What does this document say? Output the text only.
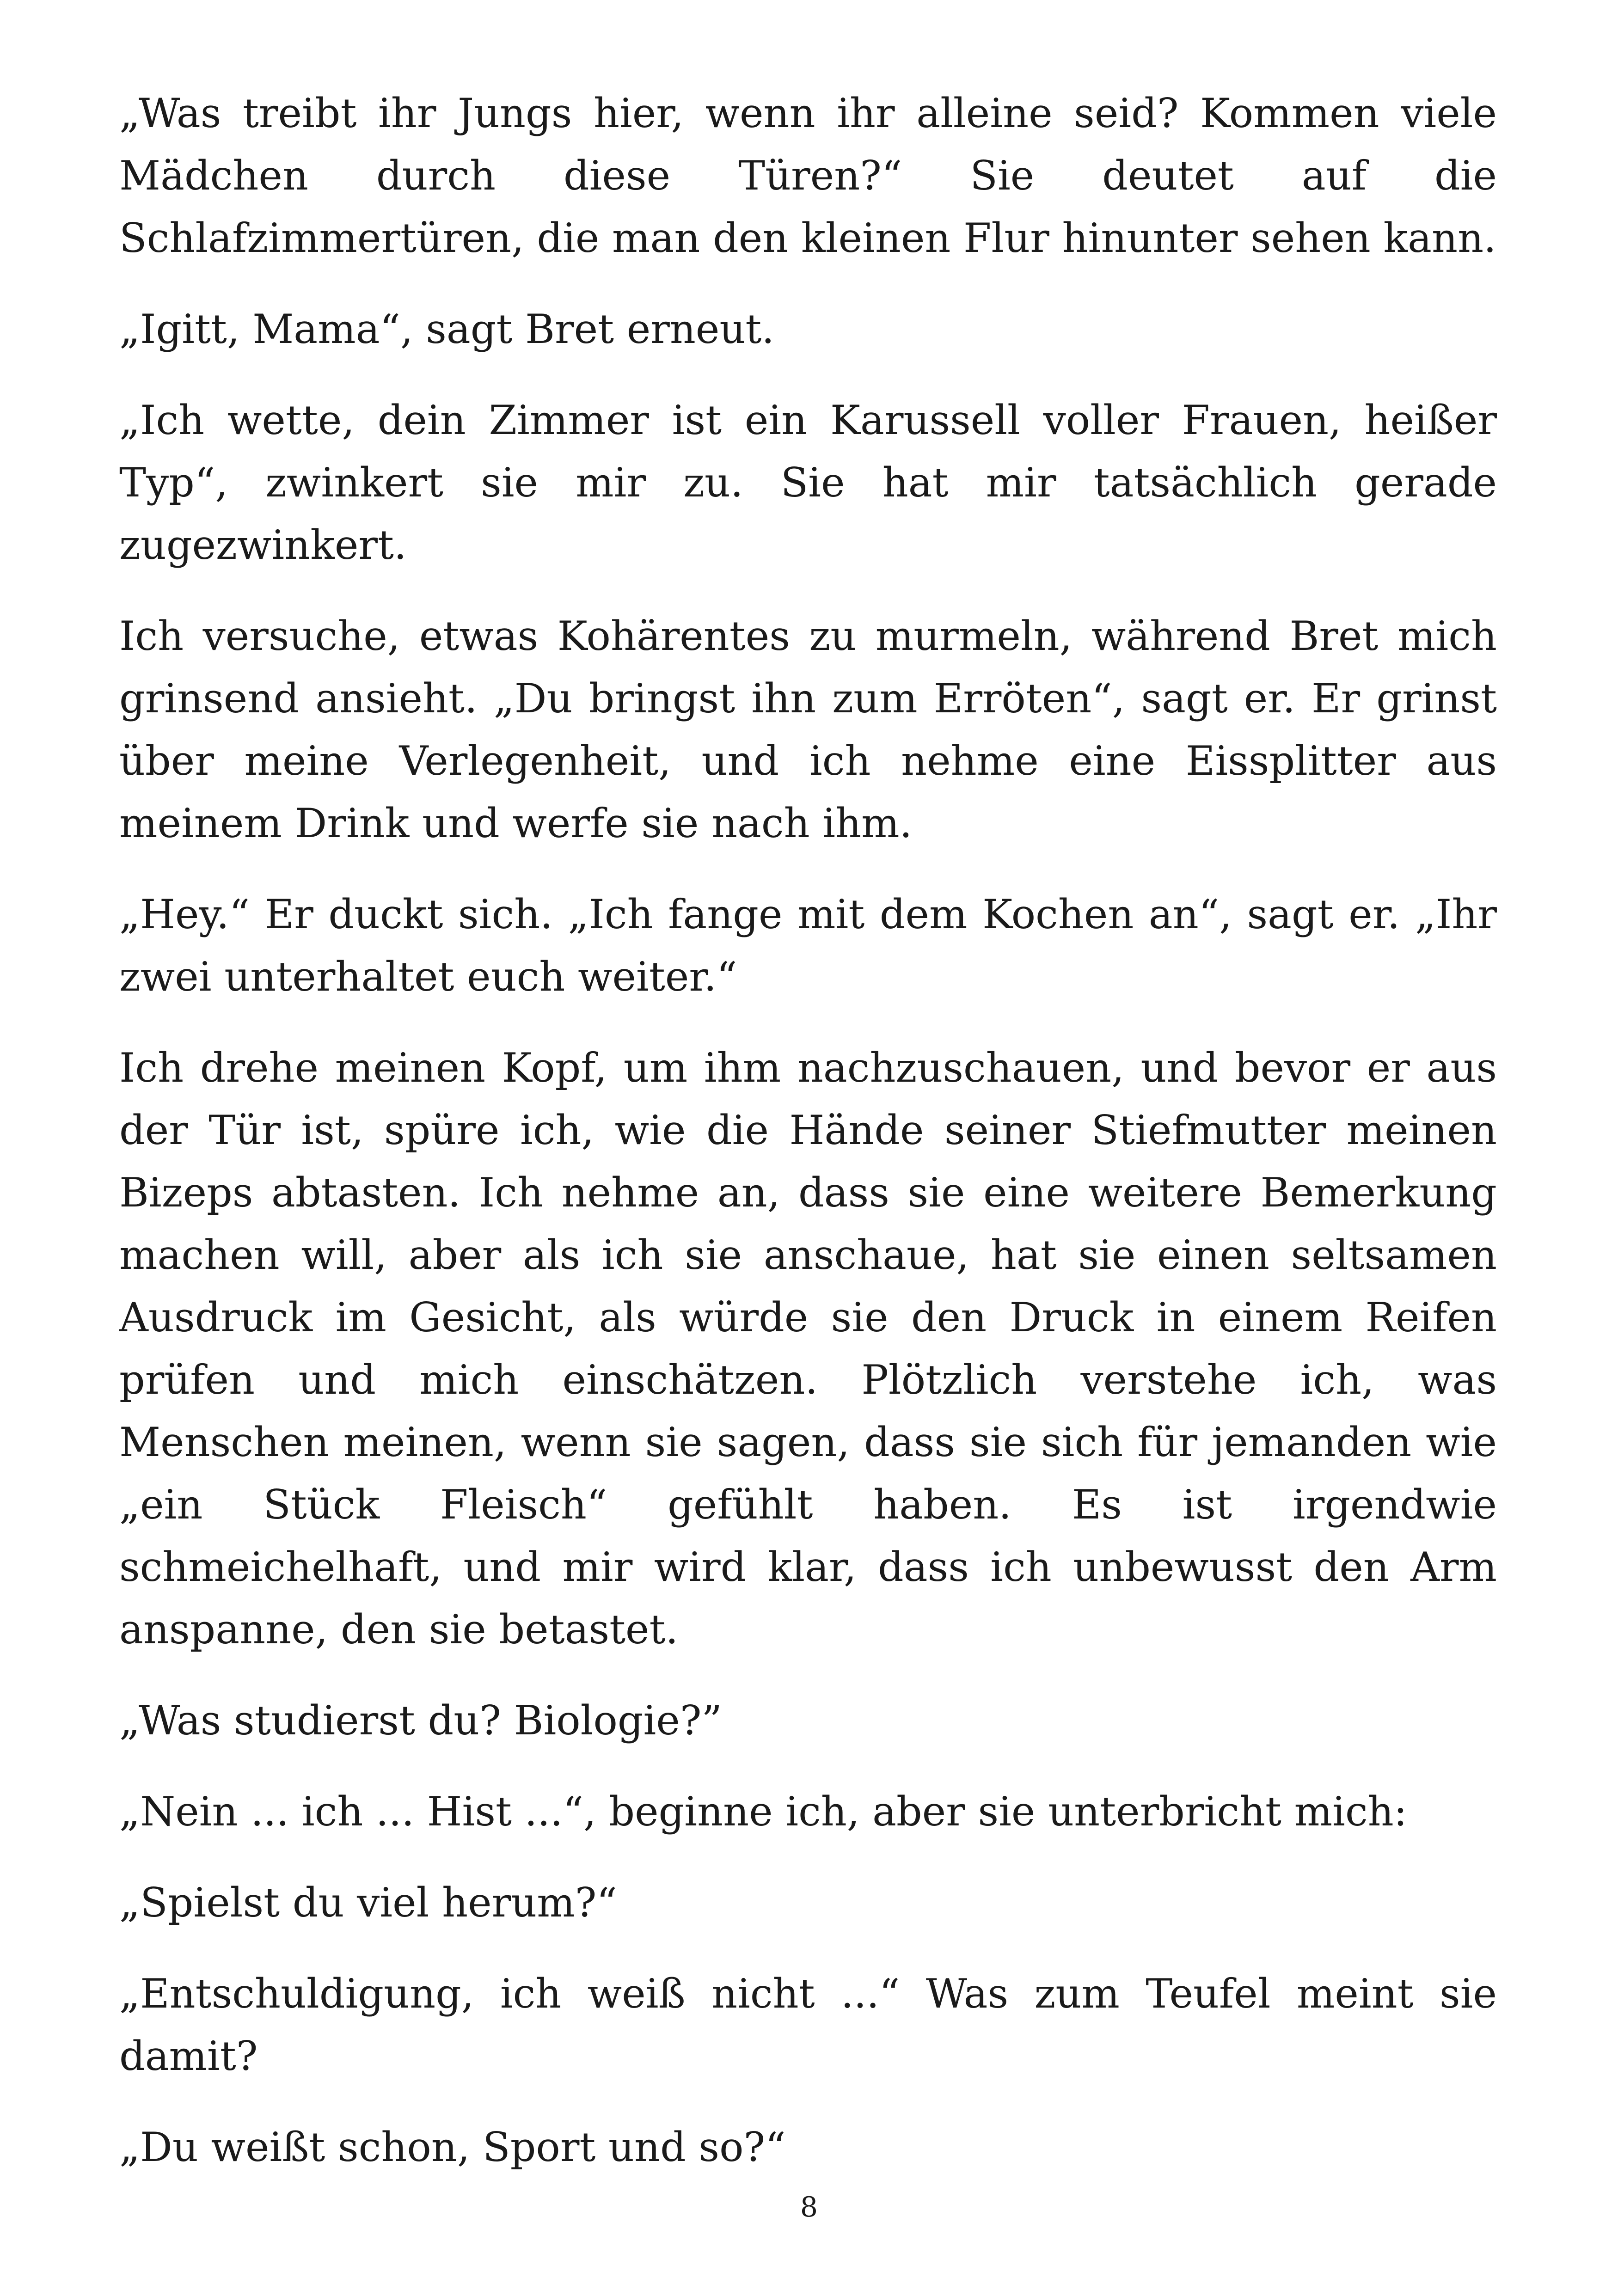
„Was treibt ihr Jungs hier, wenn ihr alleine seid? Kommen viele Mädchen durch diese Türen?“ Sie deutet auf die Schlafzimmertüren, die man den kleinen Flur hinunter sehen kann.

„Igitt, Mama“, sagt Bret erneut.

„Ich wette, dein Zimmer ist ein Karussell voller Frauen, heißer Typ“, zwinkert sie mir zu. Sie hat mir tatsächlich gerade zugezwinkert.

Ich versuche, etwas Kohärentes zu murmeln, während Bret mich grinsend ansieht. „Du bringst ihn zum Erröten“, sagt er. Er grinst über meine Verlegenheit, und ich nehme eine Eissplitter aus meinem Drink und werfe sie nach ihm.

„Hey.“ Er duckt sich. „Ich fange mit dem Kochen an“, sagt er. „Ihr zwei unterhaltet euch weiter.“

Ich drehe meinen Kopf, um ihm nachzuschauen, und bevor er aus der Tür ist, spüre ich, wie die Hände seiner Stiefmutter meinen Bizeps abtasten. Ich nehme an, dass sie eine weitere Bemerkung machen will, aber als ich sie anschaue, hat sie einen seltsamen Ausdruck im Gesicht, als würde sie den Druck in einem Reifen prüfen und mich einschätzen. Plötzlich verstehe ich, was Menschen meinen, wenn sie sagen, dass sie sich für jemanden wie „ein Stück Fleisch“ gefühlt haben. Es ist irgendwie schmeichelhaft, und mir wird klar, dass ich unbewusst den Arm anspanne, den sie betastet.

„Was studierst du? Biologie?”

„Nein ... ich ... Hist ...“, beginne ich, aber sie unterbricht mich:

„Spielst du viel herum?“

„Entschuldigung, ich weiß nicht ...“ Was zum Teufel meint sie damit?

„Du weißt schon, Sport und so?“

8
